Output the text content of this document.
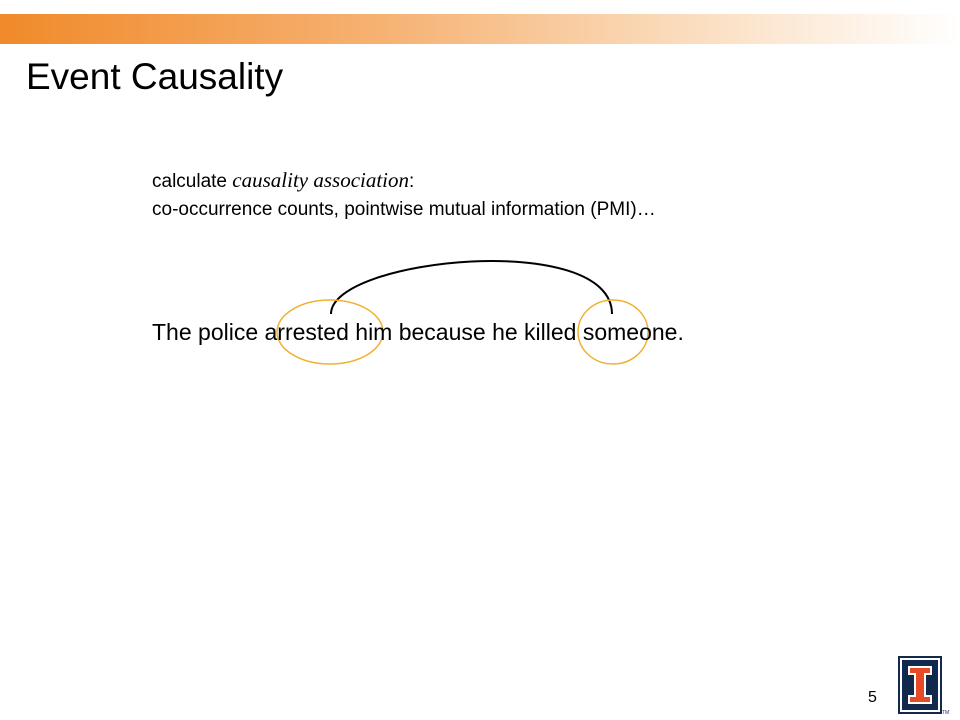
Event Causality
calculate causality association:
co-occurrence counts, pointwise mutual information (PMI)…
The police arrested him because he killed someone.
5
TM
